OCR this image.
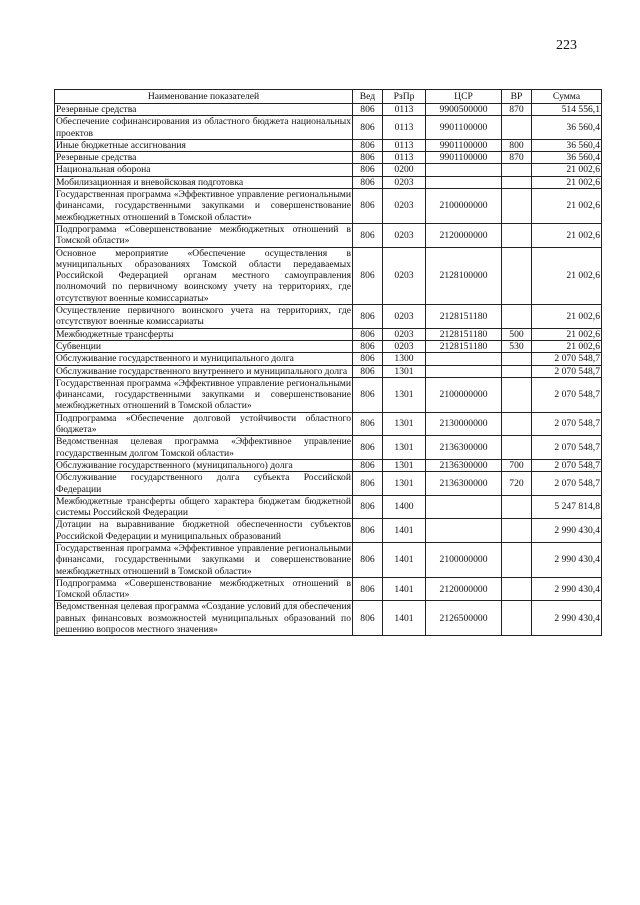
223
Наименование показателей	Вед	РзПр	ЦСР	ВР	Сумма
Резервные средства	806	0113	9900500000	870	514 556,1
Обеспечение софинансирования из областного бюджета национальных проектов	806	0113	9901100000		36 560,4
Иные бюджетные ассигнования	806	0113	9901100000	800	36 560,4
Резервные средства	806	0113	9901100000	870	36 560,4
Национальная оборона	806	0200			21 002,6
Мобилизационная и вневойсковая подготовка	806	0203			21 002,6
Государственная программа «Эффективное управление региональными финансами, государственными закупками и совершенствование межбюджетных отношений в Томской области»	806	0203	2100000000		21 002,6
Подпрограмма «Совершенствование межбюджетных отношений в Томской области»	806	0203	2120000000		21 002,6
Основное мероприятие «Обеспечение осуществления в муниципальных образованиях Томской области передаваемых Российской Федерацией органам местного самоуправления полномочий по первичному воинскому учету на территориях, где отсутствуют военные комиссариаты»	806	0203	2128100000		21 002,6
Осуществление первичного воинского учета на территориях, где отсутствуют военные комиссариаты	806	0203	2128151180		21 002,6
Межбюджетные трансферты	806	0203	2128151180	500	21 002,6
Субвенции	806	0203	2128151180	530	21 002,6
Обслуживание государственного и муниципального долга	806	1300			2 070 548,7
Обслуживание государственного внутреннего и муниципального долга	806	1301			2 070 548,7
Государственная программа «Эффективное управление региональными финансами, государственными закупками и совершенствование межбюджетных отношений в Томской области»	806	1301	2100000000		2 070 548,7
Подпрограмма «Обеспечение долговой устойчивости областного бюджета»	806	1301	2130000000		2 070 548,7
Ведомственная целевая программа «Эффективное управление государственным долгом Томской области»	806	1301	2136300000		2 070 548,7
Обслуживание государственного (муниципального) долга	806	1301	2136300000	700	2 070 548,7
Обслуживание государственного долга субъекта Российской Федерации	806	1301	2136300000	720	2 070 548,7
Межбюджетные трансферты общего характера бюджетам бюджетной системы Российской Федерации	806	1400			5 247 814,8
Дотации на выравнивание бюджетной обеспеченности субъектов Российской Федерации и муниципальных образований	806	1401			2 990 430,4
Государственная программа «Эффективное управление региональными финансами, государственными закупками и совершенствование межбюджетных отношений в Томской области»	806	1401	2100000000		2 990 430,4
Подпрограмма «Совершенствование межбюджетных отношений в Томской области»	806	1401	2120000000		2 990 430,4
Ведомственная целевая программа «Создание условий для обеспечения равных финансовых возможностей муниципальных образований по решению вопросов местного значения»	806	1401	2126500000		2 990 430,4
